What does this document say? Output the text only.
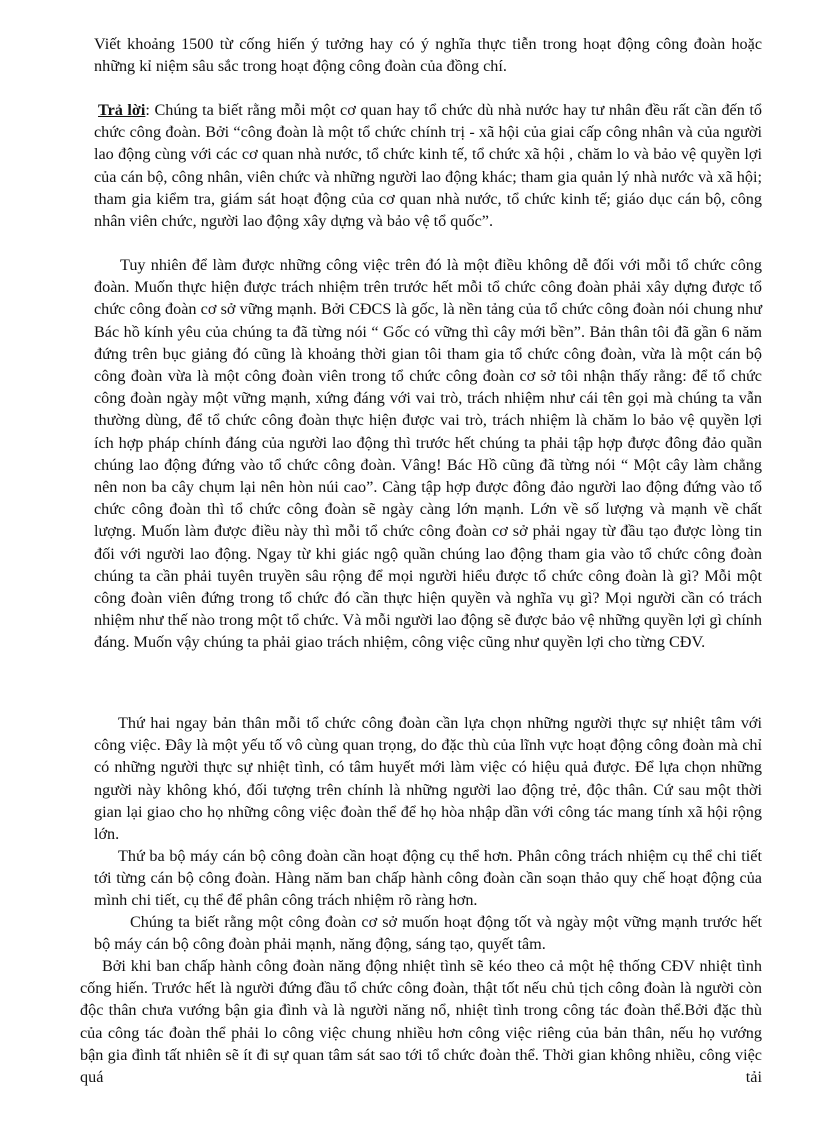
Viết khoảng 1500 từ cống hiến ý tưởng hay có ý nghĩa thực tiễn trong hoạt động công đoàn hoặc những kỉ niệm sâu sắc trong hoạt động công đoàn của đồng chí.

Trả lời: Chúng ta biết rằng mỗi một cơ quan hay tổ chức dù nhà nước hay tư nhân đều rất cần đến tổ chức công đoàn. Bởi “công đoàn là một tổ chức chính trị - xã hội của giai cấp công nhân và của người lao động cùng với các cơ quan nhà nước, tổ chức kinh tế, tổ chức xã hội , chăm lo và bảo vệ quyền lợi của cán bộ, công nhân, viên chức và những người lao động khác; tham gia quản lý nhà nước và xã hội; tham gia kiểm tra, giám sát hoạt động của cơ quan nhà nước, tổ chức kinh tế; giáo dục cán bộ, công nhân viên chức, người lao động xây dựng và bảo vệ tổ quốc”.

Tuy nhiên để làm được những công việc trên đó là một điều không dễ đối với mỗi tổ chức công đoàn. Muốn thực hiện được trách nhiệm trên trước hết mỗi tổ chức công đoàn phải xây dựng được tổ chức công đoàn cơ sở vững mạnh. Bởi CĐCS là gốc, là nền tảng của tổ chức công đoàn nói chung như Bác hồ kính yêu của chúng ta đã từng nói “ Gốc có vững thì cây mới bền”. Bản thân tôi đã gần 6 năm đứng trên bục giảng đó cũng là khoảng thời gian tôi tham gia tổ chức công đoàn, vừa là một cán bộ công đoàn vừa là một công đoàn viên trong tổ chức công đoàn cơ sở tôi nhận thấy rằng: để tổ chức công đoàn ngày một vững mạnh, xứng đáng với vai trò, trách nhiệm như cái tên gọi mà chúng ta vẫn thường dùng, để tổ chức công đoàn thực hiện được vai trò, trách nhiệm là chăm lo bảo vệ quyền lợi ích hợp pháp chính đáng của người lao động thì trước hết chúng ta phải tập hợp được đông đảo quần chúng lao động đứng vào tổ chức công đoàn. Vâng! Bác Hồ cũng đã từng nói “ Một cây làm chẳng nên non ba cây chụm lại nên hòn núi cao”. Càng tập hợp được đông đảo người lao động đứng vào tổ chức công đoàn thì tổ chức công đoàn sẽ ngày càng lớn mạnh. Lớn về số lượng và mạnh về chất lượng. Muốn làm được điều này thì mỗi tổ chức công đoàn cơ sở phải ngay từ đầu tạo được lòng tin đối với người lao động. Ngay từ khi giác ngộ quần chúng lao động tham gia vào tổ chức công đoàn chúng ta cần phải tuyên truyền sâu rộng để mọi người hiểu được tổ chức công đoàn là gì? Mỗi một công đoàn viên đứng trong tổ chức đó cần thực hiện quyền và nghĩa vụ gì? Mọi người cần có trách nhiệm như thế nào trong một tổ chức. Và mỗi người lao động sẽ được bảo vệ những quyền lợi gì chính đáng. Muốn vậy chúng ta phải giao trách nhiệm, công việc cũng như quyền lợi cho từng CĐV.

Thứ hai ngay bản thân mỗi tổ chức công đoàn cần lựa chọn những người thực sự nhiệt tâm với công việc. Đây là một yếu tố vô cùng quan trọng, do đặc thù của lĩnh vực hoạt động công đoàn mà chỉ có những người thực sự nhiệt tình, có tâm huyết mới làm việc có hiệu quả được. Để lựa chọn những người này không khó, đối tượng trên chính là những người lao động trẻ, độc thân. Cứ sau một thời gian lại giao cho họ những công việc đoàn thể để họ hòa nhập dần với công tác mang tính xã hội rộng lớn.

Thứ ba bộ máy cán bộ công đoàn cần hoạt động cụ thể hơn. Phân công trách nhiệm cụ thể chi tiết tới từng cán bộ công đoàn. Hàng năm ban chấp hành công đoàn cần soạn thảo quy chế hoạt động của mình chi tiết, cụ thể để phân công trách nhiệm rõ ràng hơn.

Chúng ta biết rằng một công đoàn cơ sở muốn hoạt động tốt và ngày một vững mạnh trước hết bộ máy cán bộ công đoàn phải mạnh, năng động, sáng tạo, quyết tâm.

Bởi khi ban chấp hành công đoàn năng động nhiệt tình sẽ kéo theo cả một hệ thống CĐV nhiệt tình cống hiến. Trước hết là người đứng đầu tổ chức công đoàn, thật tốt nếu chủ tịch công đoàn là người còn độc thân chưa vướng bận gia đình và là người năng nổ, nhiệt tình trong công tác đoàn thể.Bởi đặc thù của công tác đoàn thể phải lo công việc chung nhiều hơn công việc riêng của bản thân, nếu họ vướng bận gia đình tất nhiên sẽ ít đi sự quan tâm sát sao tới tổ chức đoàn thể. Thời gian không nhiều, công việc quá tải
